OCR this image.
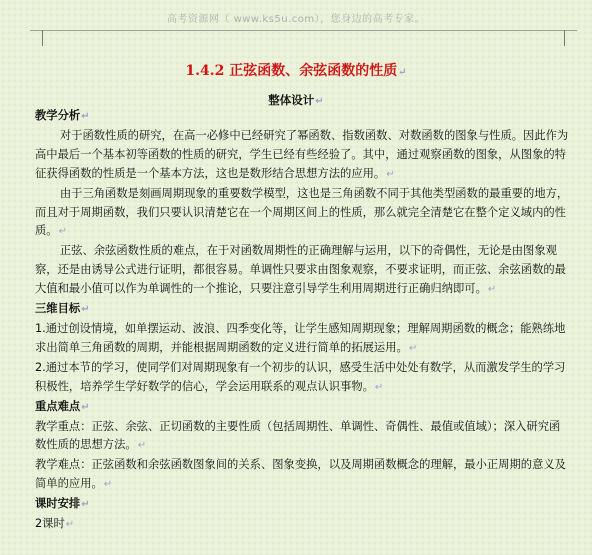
高考资源网（ www.ks5u.com），您身边的高考专家。
1.4.2 正弦函数、余弦函数的性质↵
整体设计↵

教学分析↵

对于函数性质的研究，在高一必修中已经研究了幂函数、指数函数、对数函数的图象与性质。因此作为高中最后一个基本初等函数的性质的研究，学生已经有些经验了。其中，通过观察函数的图象，从图象的特征获得函数的性质是一个基本方法，这也是数形结合思想方法的应用。↵

由于三角函数是刻画周期现象的重要数学模型，这也是三角函数不同于其他类型函数的最重要的地方，而且对于周期函数，我们只要认识清楚它在一个周期区间上的性质，那么就完全清楚它在整个定义域内的性质。↵

正弦、余弦函数性质的难点，在于对函数周期性的正确理解与运用，以下的奇偶性，无论是由图象观察，还是由诱导公式进行证明，都很容易。单调性只要求由图象观察，不要求证明，而正弦、余弦函数的最大值和最小值可以作为单调性的一个推论，只要注意引导学生利用周期进行正确归纳即可。↵

三维目标↵

1.通过创设情境，如单摆运动、波浪、四季变化等，让学生感知周期现象；理解周期函数的概念；能熟练地求出简单三角函数的周期，并能根据周期函数的定义进行简单的拓展运用。↵

2.通过本节的学习，使同学们对周期现象有一个初步的认识，感受生活中处处有数学，从而激发学生的学习积极性，培养学生学好数学的信心，学会运用联系的观点认识事物。↵

重点难点↵

教学重点：正弦、余弦、正切函数的主要性质（包括周期性、单调性、奇偶性、最值或值域）；深入研究函数性质的思想方法。↵

教学难点：正弦函数和余弦函数图象间的关系、图象变换，以及周期函数概念的理解，最小正周期的意义及简单的应用。↵

课时安排↵

2课时↵
